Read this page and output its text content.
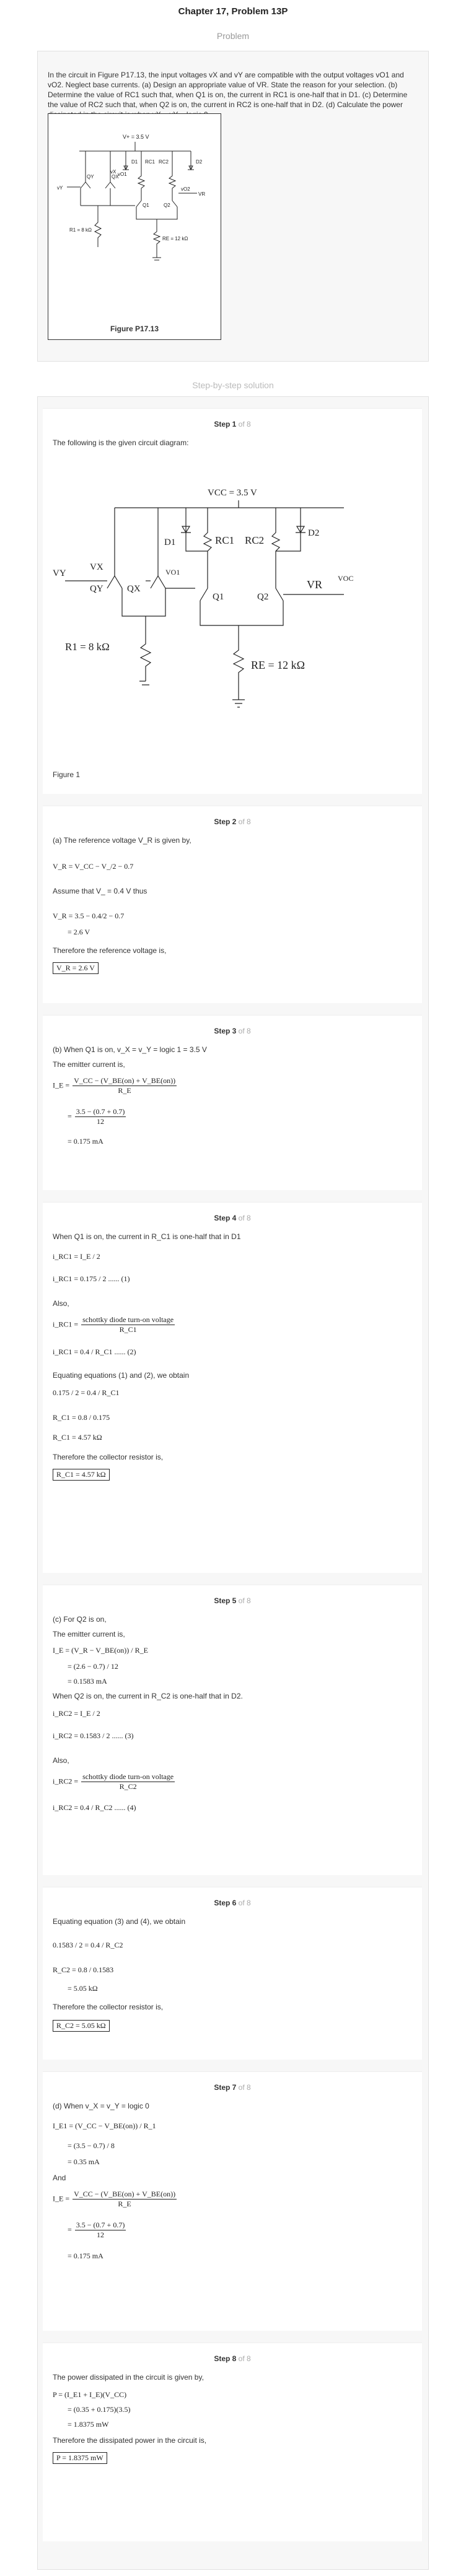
Chapter 17, Problem 13P
Problem
In the circuit in Figure P17.13, the input voltages vX and vY are compatible with the output voltages vO1 and vO2. Neglect base currents. (a) Design an appropriate value of VR. State the reason for your selection. (b) Determine the value of RC1 such that, when Q1 is on, the current in RC1 is one-half that in D1. (c) Determine the value of RC2 such that, when Q2 is on, the current in RC2 is one-half that in D2. (d) Calculate the power
V+ = 3.5 V
vY
QY	QX
D1 RC1 RC2	D2
Q1	Q2
vO1
vO2
vX
VR
R1 = 8 kΩ
RE = 12 kΩ
Figure P17.13
Step-by-step solution
Step 1 of 8
The following is the given circuit diagram:
VCC = 3.5 V
VY
VX
QY	QX
VO1
D1	RC1 RC2
D2
Q1	Q2
VR VOC
R1 = 8 kΩ
RE = 12 kΩ
Figure 1
Step 2 of 8
(a) The reference voltage V_R is given by,
V_R = V_CC − V_/2 − 0.7
Assume that V_ = 0.4 V thus
V_R = 3.5 − 0.4/2 − 0.7
= 2.6 V
Therefore the reference voltage is,
V_R = 2.6 V
Step 3 of 8
(b) When Q1 is on, v_X = v_Y = logic 1 = 3.5 V
The emitter current is,
I_E = $\frac{V\_CC - (V\_BE(on) + V\_BE(on))}{R\_E}$
= $\frac{3.5 - (0.7 + 0.7)}{12}$
= 0.175 mA
Step 4 of 8
When Q1 is on, the current in R_C1 is one-half that in D1
i_RC1 = I_E / 2
i_RC1 = 0.175 / 2 ...... (1)
Also,
i_RC1 = $\frac{\text{schottky diode turn-on voltage}}{R\_C1}$
i_RC1 = 0.4 / R_C1 ...... (2)
Equating equations (1) and (2), we obtain
0.175 / 2 = 0.4 / R_C1
R_C1 = 0.8 / 0.175
R_C1 = 4.57 kΩ
Therefore the collector resistor is,
R_C1 = 4.57 kΩ
Step 5 of 8
(c) For Q2 is on,
The emitter current is,
I_E = (V_R − V_BE(on)) / R_E
= (2.6 − 0.7) / 12
= 0.1583 mA
When Q2 is on, the current in R_C2 is one-half that in D2.
i_RC2 = I_E / 2
i_RC2 = 0.1583 / 2 ...... (3)
Also,
i_RC2 = $\frac{\text{schottky diode turn-on voltage}}{R\_C2}$
i_RC2 = 0.4 / R_C2 ...... (4)
Step 6 of 8
Equating equation (3) and (4), we obtain
0.1583 / 2 = 0.4 / R_C2
R_C2 = 0.8 / 0.1583
= 5.05 kΩ
Therefore the collector resistor is,
R_C2 = 5.05 kΩ
Step 7 of 8
(d) When v_X = v_Y = logic 0
I_E1 = (V_CC − V_BE(on)) / R_1
= (3.5 − 0.7) / 8
= 0.35 mA
And
I_E = $\frac{V\_CC - (V\_BE(on) + V\_BE(on))}{R\_E}$
= $\frac{3.5 - (0.7 + 0.7)}{12}$
= 0.175 mA
Step 8 of 8
The power dissipated in the circuit is given by,
P = (I_E1 + I_E)(V_CC)
= (0.35 + 0.175)(3.5)
= 1.8375 mW
Therefore the dissipated power in the circuit is,
P = 1.8375 mW
